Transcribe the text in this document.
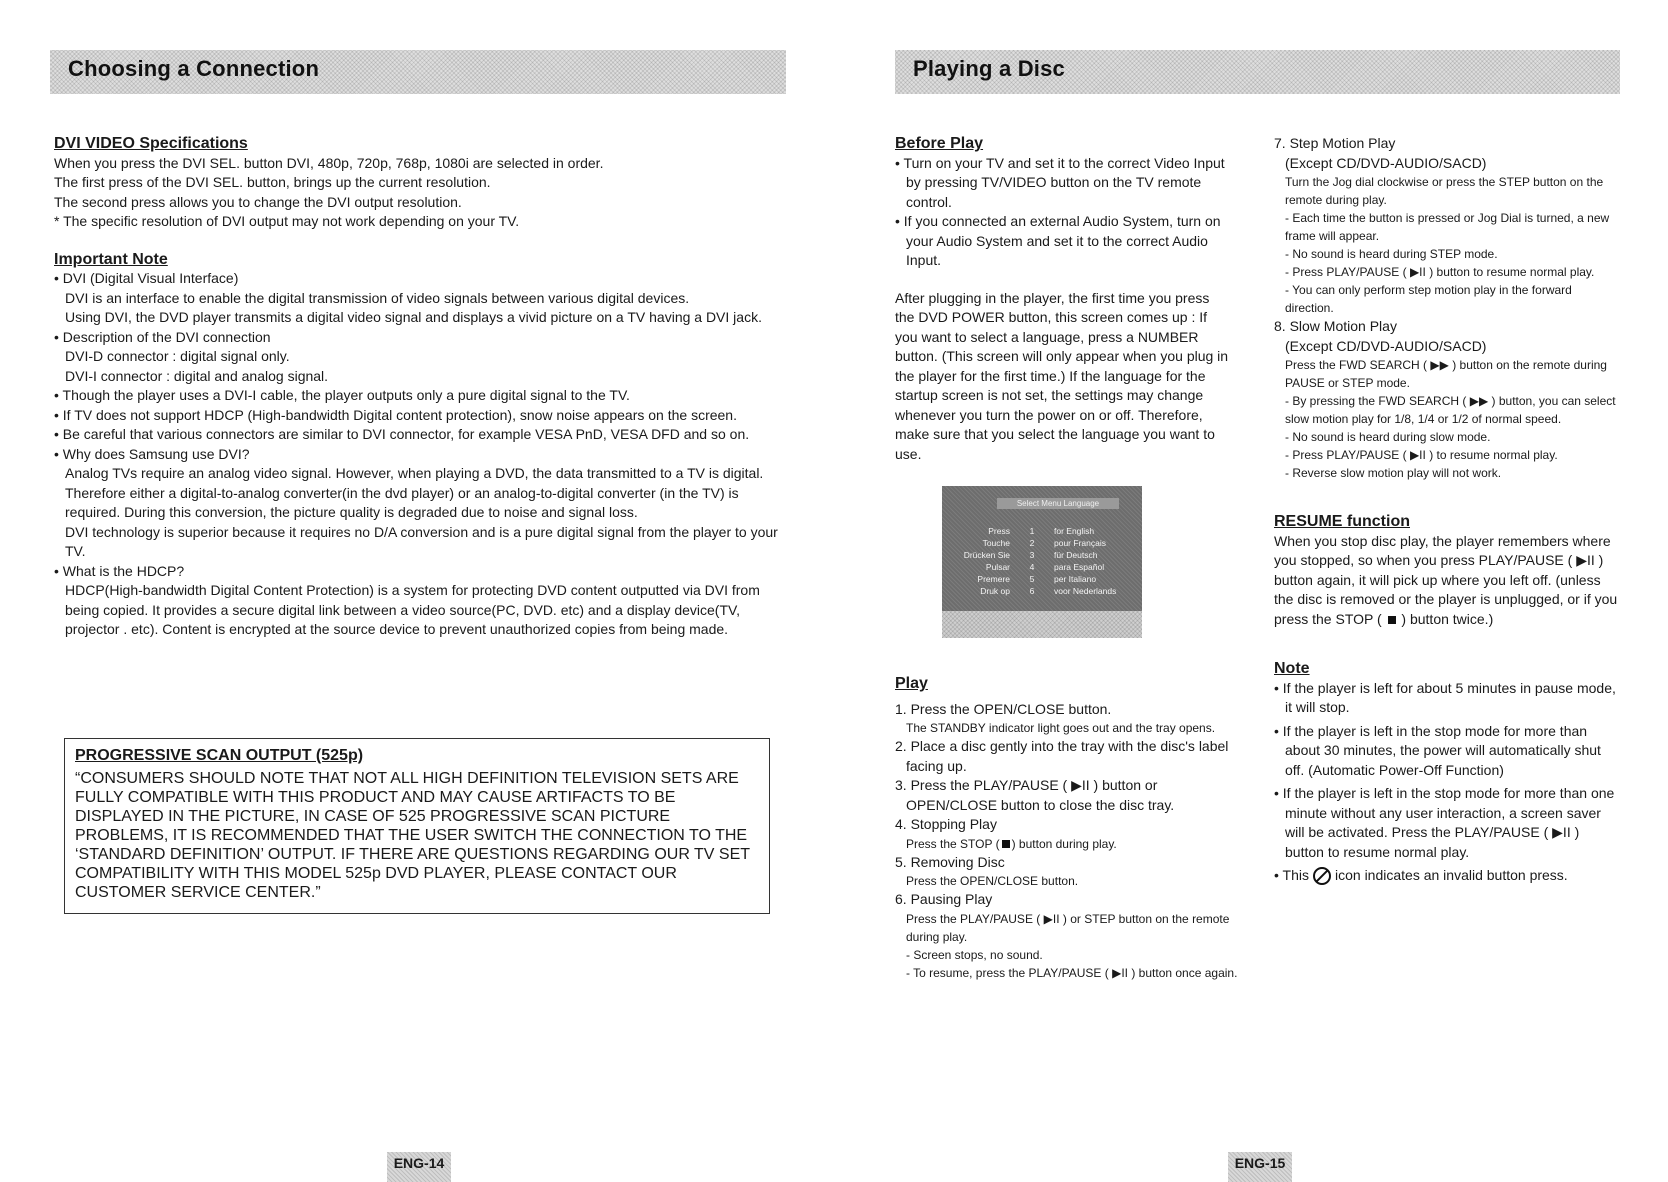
Choosing a Connection

DVI VIDEO Specifications

When you press the DVI SEL. button DVI, 480p, 720p, 768p, 1080i are selected in order.

The first press of the DVI SEL. button, brings up the current resolution.

The second press allows you to change the DVI output resolution.

* The specific resolution of DVI output may not work depending on your TV.

Important Note

• DVI (Digital Visual Interface)

DVI is an interface to enable the digital transmission of video signals between various digital devices.

Using DVI, the DVD player transmits a digital video signal and displays a vivid picture on a TV having a DVI jack.

• Description of the DVI connection

DVI-D connector : digital signal only.

DVI-I connector : digital and analog signal.

• Though the player uses a DVI-I cable, the player outputs only a pure digital signal to the TV.

• If TV does not support HDCP (High-bandwidth Digital content protection), snow noise appears on the screen.

• Be careful that various connectors are similar to DVI connector, for example VESA PnD, VESA DFD and so on.

• Why does Samsung use DVI?

Analog TVs require an analog video signal. However, when playing a DVD, the data transmitted to a TV is digital. Therefore either a digital-to-analog converter(in the dvd player) or an analog-to-digital converter (in the TV) is required. During this conversion, the picture quality is degraded due to noise and signal loss.

DVI technology is superior because it requires no D/A conversion and is a pure digital signal from the player to your TV.

• What is the HDCP?

HDCP(High-bandwidth Digital Content Protection) is a system for protecting DVD content outputted via DVI from being copied. It provides a secure digital link between a video source(PC, DVD. etc) and a display device(TV, projector . etc). Content is encrypted at the source device to prevent unauthorized copies from being made.

PROGRESSIVE SCAN OUTPUT (525p)
“CONSUMERS SHOULD NOTE THAT NOT ALL HIGH DEFINITION TELEVISION SETS ARE FULLY COMPATIBLE WITH THIS PRODUCT AND MAY CAUSE ARTIFACTS TO BE DISPLAYED IN THE PICTURE, IN CASE OF 525 PROGRESSIVE SCAN PICTURE PROBLEMS, IT IS RECOMMENDED THAT THE USER SWITCH THE CONNECTION TO THE ‘STANDARD DEFINITION’ OUTPUT. IF THERE ARE QUESTIONS REGARDING OUR TV SET COMPATIBILITY WITH THIS MODEL 525p DVD PLAYER, PLEASE CONTACT OUR CUSTOMER SERVICE CENTER.”
ENG-14
Playing a Disc

Before Play

• Turn on your TV and set it to the correct Video Input by pressing TV/VIDEO button on the TV remote control.

• If you connected an external Audio System, turn on your Audio System and set it to the correct Audio Input.

After plugging in the player, the first time you press the DVD POWER button, this screen comes up : If you want to select a language, press a NUMBER button. (This screen will only appear when you plug in the player for the first time.) If the language for the startup screen is not set, the settings may change whenever you turn the power on or off. Therefore, make sure that you select the language you want to use.

Select Menu Language
Press	1	for English
Touche	2	pour Français
Drücken Sie	3	für Deutsch
Pulsar	4	para Español
Premere	5	per Italiano
Druk op	6	voor Nederlands

Play

1. Press the OPEN/CLOSE button.

The STANDBY indicator light goes out and the tray opens.

2. Place a disc gently into the tray with the disc's label facing up.

3. Press the PLAY/PAUSE ( ▶II ) button or OPEN/CLOSE button to close the disc tray.

4. Stopping Play

Press the STOP ( ) button during play.

5. Removing Disc

Press the OPEN/CLOSE button.

6. Pausing Play

Press the PLAY/PAUSE ( ▶II ) or STEP button on the remote during play.

- Screen stops, no sound.

- To resume, press the PLAY/PAUSE ( ▶II ) button once again.

7. Step Motion Play

(Except CD/DVD-AUDIO/SACD)

Turn the Jog dial clockwise or press the STEP button on the remote during play.

- Each time the button is pressed or Jog Dial is turned, a new frame will appear.

- No sound is heard during STEP mode.

- Press PLAY/PAUSE ( ▶II ) button to resume normal play.

- You can only perform step motion play in the forward direction.

8. Slow Motion Play

(Except CD/DVD-AUDIO/SACD)

Press the FWD SEARCH ( ▶▶ ) button on the remote during PAUSE or STEP mode.

- By pressing the FWD SEARCH ( ▶▶ ) button, you can select slow motion play for 1/8, 1/4 or 1/2 of normal speed.

- No sound is heard during slow mode.

- Press PLAY/PAUSE ( ▶II ) to resume normal play.

- Reverse slow motion play will not work.

RESUME function

When you stop disc play, the player remembers where you stopped, so when you press PLAY/PAUSE ( ▶II ) button again, it will pick up where you left off. (unless the disc is removed or the player is unplugged, or if you press the STOP ( ) button twice.)

Note

• If the player is left for about 5 minutes in pause mode, it will stop.

• If the player is left in the stop mode for more than about 30 minutes, the power will automatically shut off. (Automatic Power-Off Function)

• If the player is left in the stop mode for more than one minute without any user interaction, a screen saver will be activated. Press the PLAY/PAUSE ( ▶II ) button to resume normal play.

• This icon indicates an invalid button press.

ENG-15
